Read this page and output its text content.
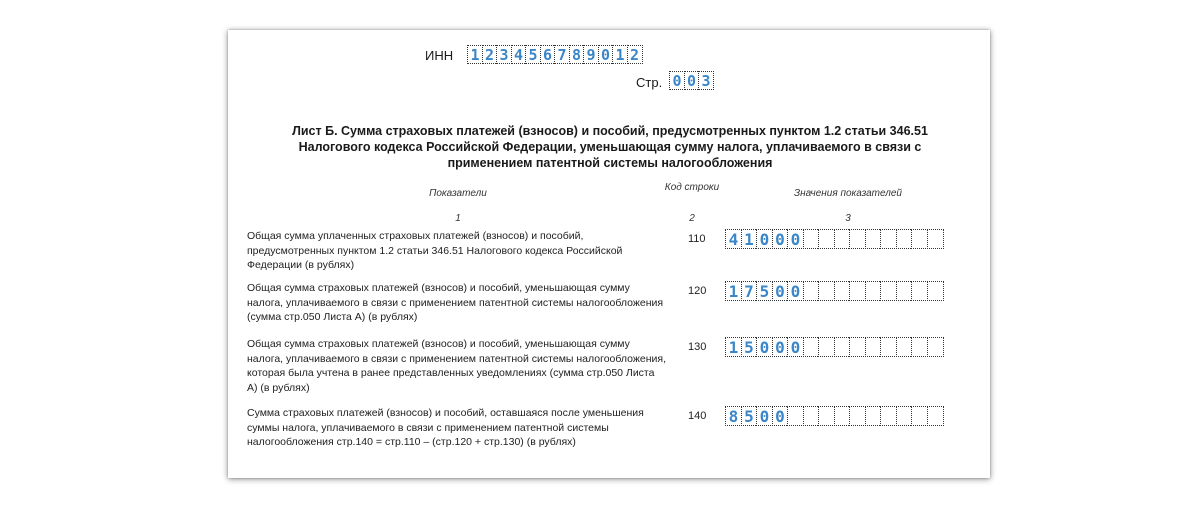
ИНН 1 2 3 4 5 6 7 8 9 0 1 2
Стр. 0 0 3
Лист Б. Сумма страховых платежей (взносов) и пособий, предусмотренных пунктом 1.2 статьи 346.51 Налогового кодекса Российской Федерации, уменьшающая сумму налога, уплачиваемого в связи с применением патентной системы налогообложения
Показатели
Код строки
Значения показателей
1	2	3
Общая сумма уплаченных страховых платежей (взносов) и пособий, предусмотренных пунктом 1.2 статьи 346.51 Налогового кодекса Российской Федерации (в рублях)
110 4 1 0 0 0
Общая сумма страховых платежей (взносов) и пособий, уменьшающая сумму налога, уплачиваемого в связи с применением патентной системы налогообложения (сумма стр.050 Листа А) (в рублях)
120 1 7 5 0 0
Общая сумма страховых платежей (взносов) и пособий, уменьшающая сумму налога, уплачиваемого в связи с применением патентной системы налогообложения, которая была учтена в ранее представленных уведомлениях (сумма стр.050 Листа А) (в рублях)
130 1 5 0 0 0
Сумма страховых платежей (взносов) и пособий, оставшаяся после уменьшения суммы налога, уплачиваемого в связи с применением патентной системы налогообложения стр.140 = стр.110 – (стр.120 + стр.130) (в рублях)
140 8 5 0 0
